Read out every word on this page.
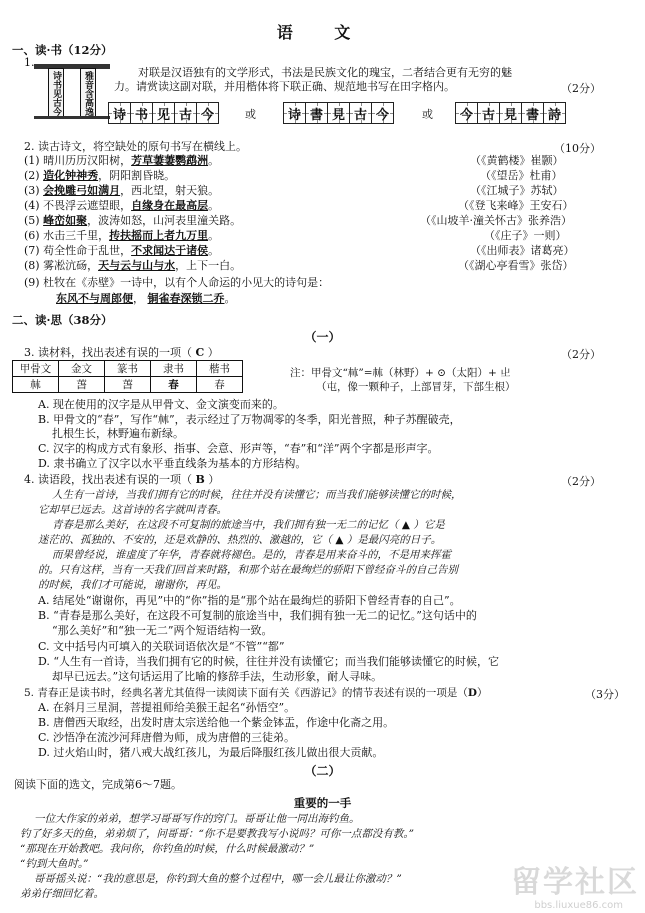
语 文
一、读·书（12分）
1.
诗书见古今	雅音含高逸	对联是汉语独有的文学形式，书法是民族文化的瑰宝，二者结合更有无穷的魅
力。请赏读这副对联，并用楷体将下联正确、规范地书写在田字格内。	（2分）
诗 书 见 古 今	或 诗 書 見 古 今	或 今 古 見 書 詩
2. 读古诗文，将空缺处的原句书写在横线上。	（10分）
(1) 晴川历历汉阳树，芳草萋萋鹦鹉洲。	（《黄鹤楼》崔颢）
(2) 造化钟神秀，阴阳割昏晓。	（《望岳》杜甫）
(3) 会挽雕弓如满月，西北望，射天狼。	（《江城子》苏轼）
(4) 不畏浮云遮望眼，自缘身在最高层。	（《登飞来峰》王安石）
(5) 峰峦如聚，波涛如怒，山河表里潼关路。	（《山坡羊·潼关怀古》张养浩）
(6) 水击三千里，抟扶摇而上者九万里。	（《庄子》一则）
(7) 苟全性命于乱世，不求闻达于诸侯。	（《出师表》诸葛亮）
(8) 雾凇沆砀，天与云与山与水，上下一白。	（《湖心亭看雪》张岱）
(9) 杜牧在《赤壁》一诗中，以有个人命运的小见大的诗句是：
东风不与周郎便， 铜雀春深锁二乔。
二、读·思（38分）
（一）
3. 读材料，找出表述有误的一项（ C ）	（2分）
甲骨文	金文	篆书	隶书	楷书
𣏟	萅	萅	春	春
注：甲骨文“𣏟”=𣏟（林野）+ ⊙（太阳）+ 𡳿
（屯，像一颗种子，上部冒芽，下部生根）
A. 现在使用的汉字是从甲骨文、金文演变而来的。
B. 甲骨文的“春”，写作“𣏟”，表示经过了万物凋零的冬季，阳光普照，种子苏醒破壳，
扎根生长，林野遍布新绿。
C. 汉字的构成方式有象形、指事、会意、形声等，“春”和“洋”两个字都是形声字。
D. 隶书确立了汉字以水平垂直线条为基本的方形结构。
4. 读语段，找出表述有误的一项（ B ）	（2分）
人生有一首诗，当我们拥有它的时候，往往并没有读懂它；而当我们能够读懂它的时候，
它却早已远去。这首诗的名字就叫青春。
青春是那么美好，在这段不可复制的旅途当中，我们拥有独一无二的记忆（ ▲ ）它是
迷茫的、孤独的、不安的，还是欢静的、热烈的、激越的，它（ ▲ ）是最闪亮的日子。
而果曾经说，谁虚度了年华，青春就将褪色。是的，青春是用来奋斗的，不是用来挥霍
的。只有这样，当有一天我们回首来时路，和那个站在最绚烂的骄阳下曾经奋斗的自己告别
的时候，我们才可能说，谢谢你，再见。
A. 结尾处“谢谢你，再见”中的“你”指的是“那个站在最绚烂的骄阳下曾经青春的自己”。
B. “青春是那么美好，在这段不可复制的旅途当中，我们拥有独一无二的记忆。”这句话中的
“那么美好”和“独一无二”两个短语结构一致。
C. 文中括号内可填入的关联词语依次是“不管”“都”
D. “人生有一首诗，当我们拥有它的时候，往往并没有读懂它；而当我们能够读懂它的时候，它
却早已远去。”这句话运用了比喻的修辞手法，生动形象，耐人寻味。
5. 青春正是读书时，经典名著尤其值得一读阅读下面有关《西游记》的情节表述有误的一项是（D）	（3分）
A. 在斜月三星洞，菩提祖师给美猴王起名“孙悟空”。
B. 唐僧西天取经，出发时唐太宗送给他一个紫金钵盂，作途中化斋之用。
C. 沙悟净在流沙河拜唐僧为师，成为唐僧的三徒弟。
D. 过火焰山时，猪八戒大战红孩儿，为最后降服红孩儿做出很大贡献。
（二）
阅读下面的选文，完成第6～7题。
重要的一手
一位大作家的弟弟，想学习哥哥写作的窍门。哥哥让他一同出海钓鱼。
钓了好多天的鱼，弟弟烦了，问哥哥：“你不是要教我写小说吗？可你一点都没有教。”
“那现在开始教吧。我问你，你钓鱼的时候，什么时候最激动？”
“钓到大鱼时。”
哥哥摇头说：“我的意思是，你钓到大鱼的整个过程中，哪一会儿最让你激动？”
弟弟仔细回忆着。	留学社区
bbs.liuxue86.com
